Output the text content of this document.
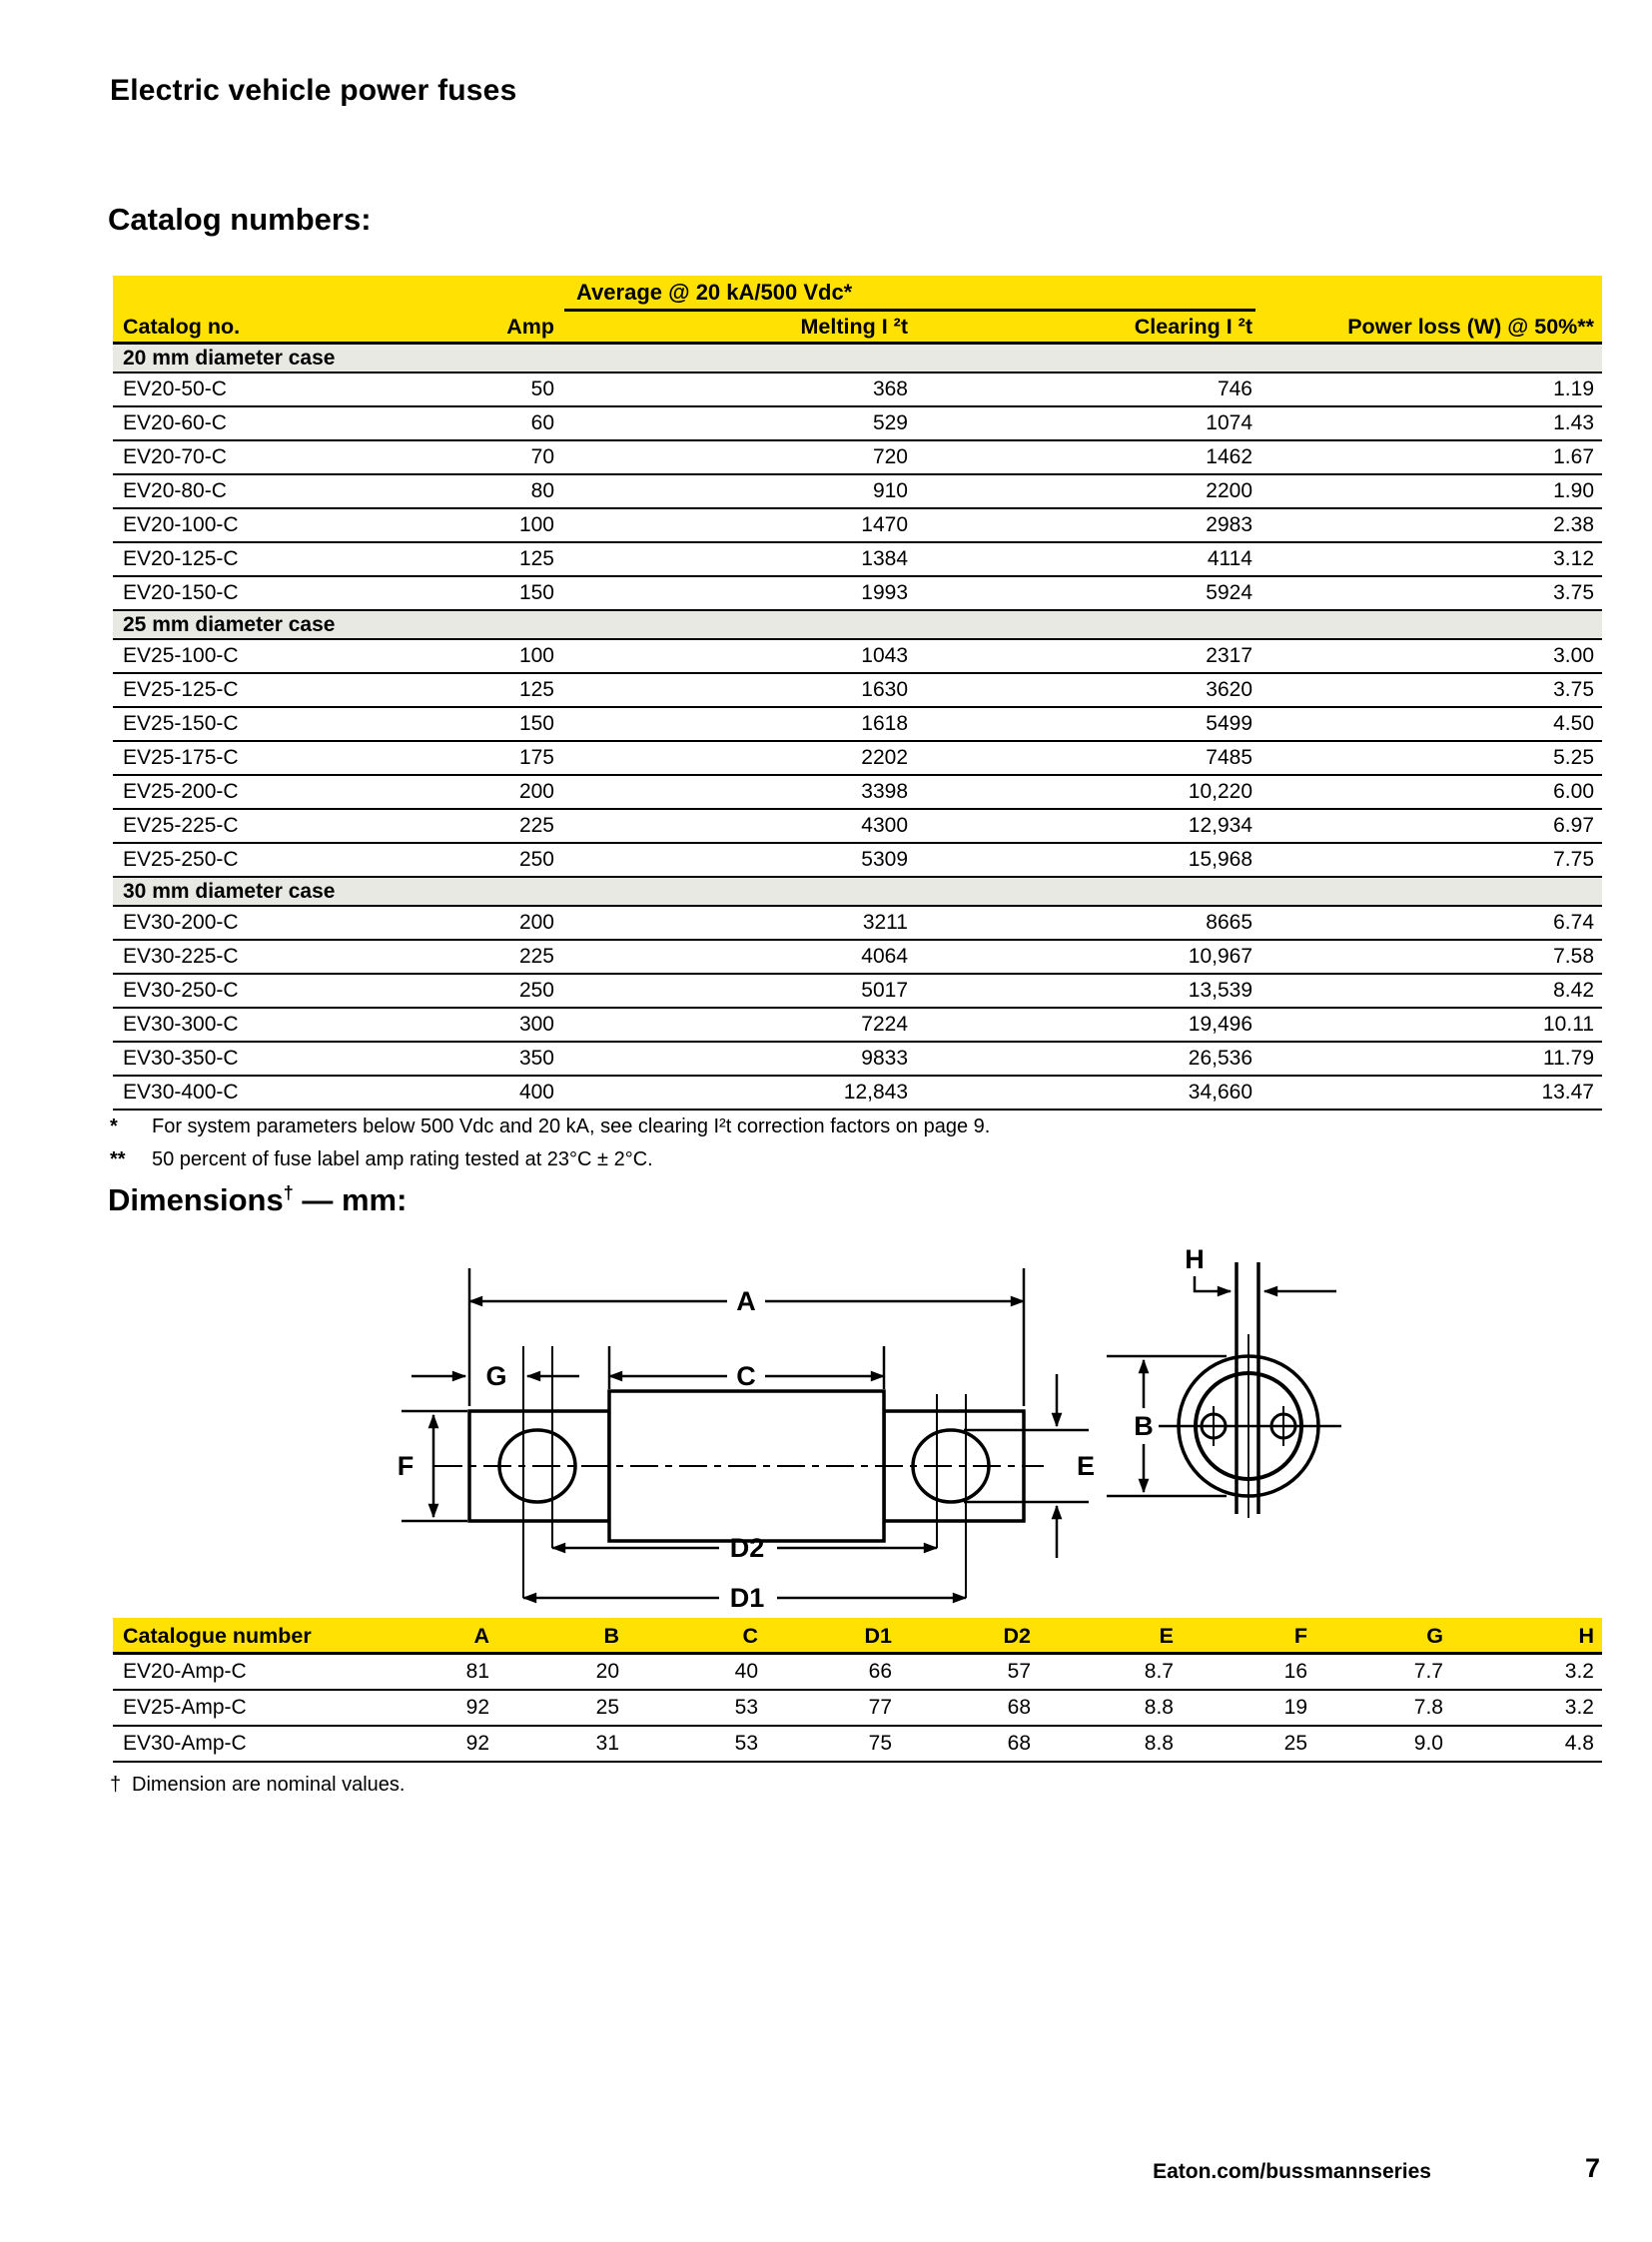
Electric vehicle power fuses
Catalog numbers:
Average @ 20 kA/500 Vdc*
Catalog no.	Amp	Melting I ²t	Clearing I ²t	Power loss (W) @ 50%**
20 mm diameter case
EV20-50-C	50	368	746	1.19
EV20-60-C	60	529	1074	1.43
EV20-70-C	70	720	1462	1.67
EV20-80-C	80	910	2200	1.90
EV20-100-C	100	1470	2983	2.38
EV20-125-C	125	1384	4114	3.12
EV20-150-C	150	1993	5924	3.75
25 mm diameter case
EV25-100-C	100	1043	2317	3.00
EV25-125-C	125	1630	3620	3.75
EV25-150-C	150	1618	5499	4.50
EV25-175-C	175	2202	7485	5.25
EV25-200-C	200	3398	10,220	6.00
EV25-225-C	225	4300	12,934	6.97
EV25-250-C	250	5309	15,968	7.75
30 mm diameter case
EV30-200-C	200	3211	8665	6.74
EV30-225-C	225	4064	10,967	7.58
EV30-250-C	250	5017	13,539	8.42
EV30-300-C	300	7224	19,496	10.11
EV30-350-C	350	9833	26,536	11.79
EV30-400-C	400	12,843	34,660	13.47
* For system parameters below 500 Vdc and 20 kA, see clearing I²t correction factors on page 9.
** 50 percent of fuse label amp rating tested at 23°C ± 2°C.
Dimensions† — mm:
A
C
G
F	E
D2
D1
B
H
Catalogue number	A	B	C	D1	D2	E	F	G	H
EV20-Amp-C	81	20	40	66	57	8.7	16	7.7	3.2
EV25-Amp-C	92	25	53	77	68	8.8	19	7.8	3.2
EV30-Amp-C	92	31	53	75	68	8.8	25	9.0	4.8
† Dimension are nominal values.
Eaton.com/bussmannseries	7
